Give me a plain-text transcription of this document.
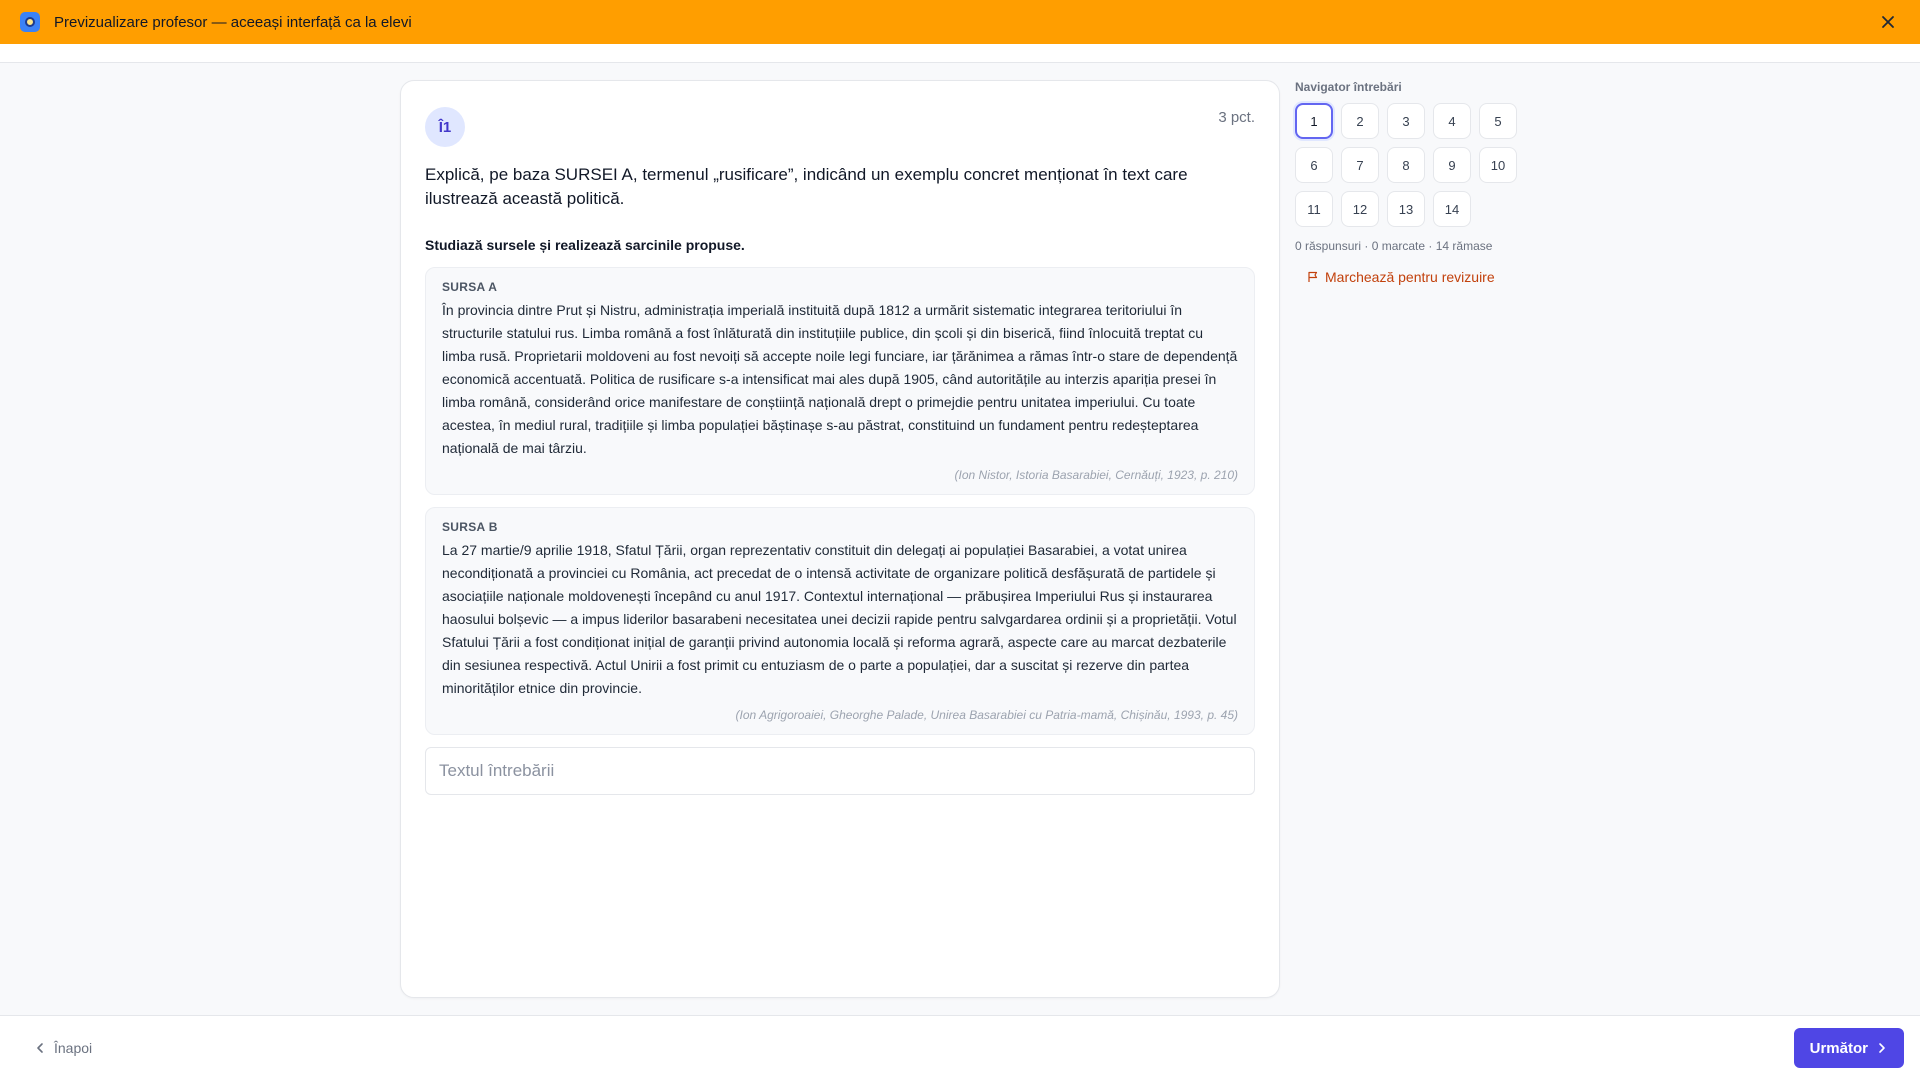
Previzualizare profesor — aceeași interfață ca la elevi
Î1
3 pct.
Explică, pe baza SURSEI A, termenul „rusificare”, indicând un exemplu concret menționat în text care ilustrează această politică.
Studiază sursele și realizează sarcinile propuse.
SURSA A
În provincia dintre Prut și Nistru, administrația imperială instituită după 1812 a urmărit sistematic integrarea teritoriului în structurile statului rus. Limba română a fost înlăturată din instituțiile publice, din școli și din biserică, fiind înlocuită treptat cu limba rusă. Proprietarii moldoveni au fost nevoiți să accepte noile legi funciare, iar țărănimea a rămas într-o stare de dependență economică accentuată. Politica de rusificare s-a intensificat mai ales după 1905, când autoritățile au interzis apariția presei în limba română, considerând orice manifestare de conștiință națională drept o primejdie pentru unitatea imperiului. Cu toate acestea, în mediul rural, tradițiile și limba populației băștinașe s-au păstrat, constituind un fundament pentru redeșteptarea națională de mai târziu.
(Ion Nistor, Istoria Basarabiei, Cernăuți, 1923, p. 210)
SURSA B
La 27 martie/9 aprilie 1918, Sfatul Țării, organ reprezentativ constituit din delegați ai populației Basarabiei, a votat unirea necondiționată a provinciei cu România, act precedat de o intensă activitate de organizare politică desfășurată de partidele și asociațiile naționale moldovenești începând cu anul 1917. Contextul internațional — prăbușirea Imperiului Rus și instaurarea haosului bolșevic — a impus liderilor basarabeni necesitatea unei decizii rapide pentru salvgardarea ordinii și a proprietății. Votul Sfatului Țării a fost condiționat inițial de garanții privind autonomia locală și reforma agrară, aspecte care au marcat dezbaterile din sesiunea respectivă. Actul Unirii a fost primit cu entuziasm de o parte a populației, dar a suscitat și rezerve din partea minorităților etnice din provincie.
(Ion Agrigoroaiei, Gheorghe Palade, Unirea Basarabiei cu Patria-mamă, Chișinău, 1993, p. 45)
Textul întrebării
Navigator întrebări
1	2	3	4	5
6	7	8	9	10
11	12	13	14
0 răspunsuri · 0 marcate · 14 rămase
Marchează pentru revizuire
Înapoi	Următor
